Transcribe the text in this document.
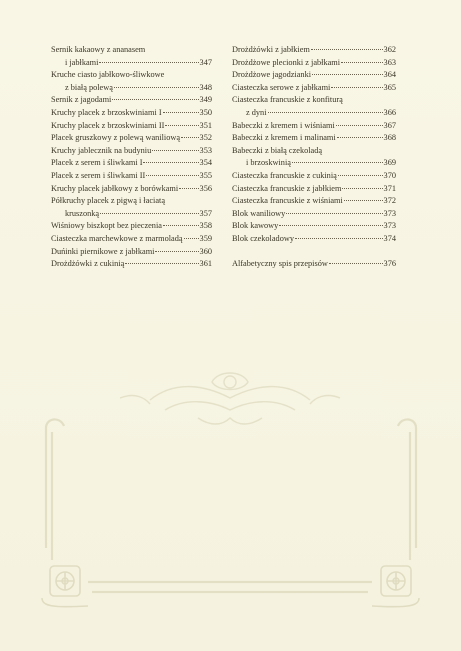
Sernik kakaowy z ananasem
i jabłkami	347
Kruche ciasto jabłkowo-śliwkowe
z białą polewą	348
Sernik z jagodami	349
Kruchy placek z brzoskwiniami I	350
Kruchy placek z brzoskwiniami II	351
Placek gruszkowy z polewą waniliową 352
Kruchy jablecznik na budyniu	353
Placek z serem i śliwkami I	354
Placek z serem i śliwkami II	355
Kruchy placek jabłkowy z borówkami	356
Półkruchy placek z pigwą i łaciatą
kruszonką	357
Wiśniowy biszkopt bez pieczenia	358
Ciasteczka marchewkowe z marmoladą 359
Duńinki piernikowe z jabłkami	360
Drożdżówki z cukinią	361
Drożdżówki z jabłkiem	362
Drożdżowe plecionki z jabłkami	363
Drożdżowe jagodzianki	364
Ciasteczka serowe z jabłkami	365
Ciasteczka francuskie z konfiturą
z dyni	366
Babeczki z kremem i wiśniami	367
Babeczki z kremem i malinami	368
Babeczki z białą czekoladą
i brzoskwinią	369
Ciasteczka francuskie z cukinią	370
Ciasteczka francuskie z jabłkiem	371
Ciasteczka francuskie z wiśniami	372
Blok waniliowy	373
Blok kawowy	373
Blok czekoladowy	374
Alfabetyczny spis przepisów	376
